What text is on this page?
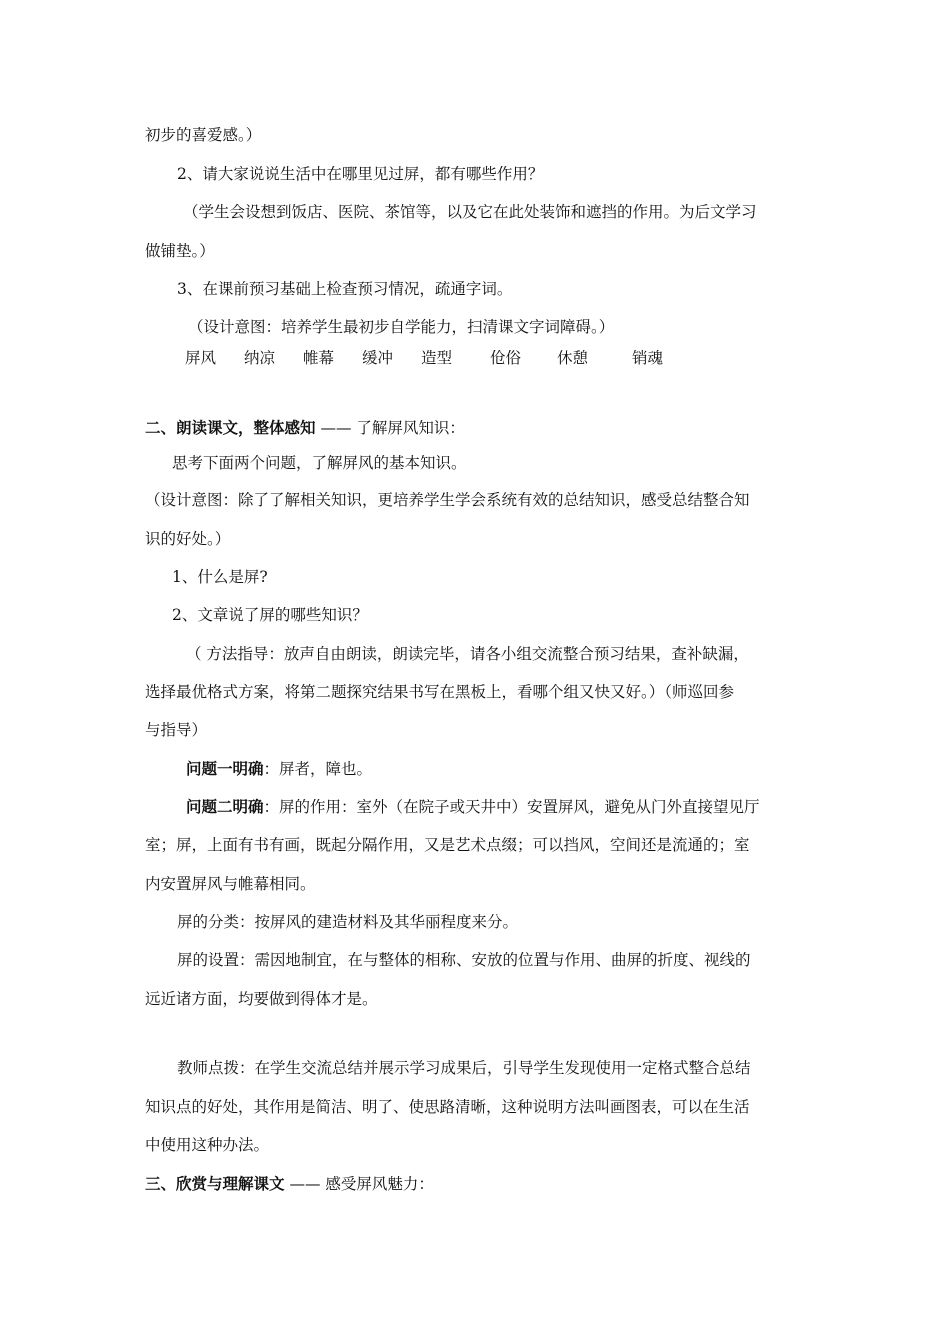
初步的喜爱感。）
2、请大家说说生活中在哪里见过屏，都有哪些作用？
（学生会设想到饭店、医院、茶馆等，以及它在此处装饰和遮挡的作用。为后文学习
做铺垫。）
3、在课前预习基础上检查预习情况，疏通字词。
（设计意图：培养学生最初步自学能力，扫清课文字词障碍。）
屏风 纳凉 帷幕 缓冲 造型 伧俗 休憩	销魂
二、朗读课文，整体感知 —— 了解屏风知识：
思考下面两个问题，了解屏风的基本知识。
（设计意图：除了了解相关知识，更培养学生学会系统有效的总结知识，感受总结整合知
识的好处。）
1、什么是屏?
2、文章说了屏的哪些知识？
（ 方法指导：放声自由朗读，朗读完毕，请各小组交流整合预习结果，查补缺漏，
选择最优格式方案，将第二题探究结果书写在黑板上，看哪个组又快又好。）（师巡回参
与指导）
问题一明确：屏者，障也。
问题二明确：屏的作用：室外（在院子或天井中）安置屏风，避免从门外直接望见厅
室；屏，上面有书有画，既起分隔作用，又是艺术点缀；可以挡风，空间还是流通的；室
内安置屏风与帷幕相同。
屏的分类：按屏风的建造材料及其华丽程度来分。
屏的设置：需因地制宜，在与整体的相称、安放的位置与作用、曲屏的折度、视线的
远近诸方面，均要做到得体才是。
教师点拨：在学生交流总结并展示学习成果后，引导学生发现使用一定格式整合总结
知识点的好处，其作用是简洁、明了、使思路清晰，这种说明方法叫画图表，可以在生活
中使用这种办法。
三、欣赏与理解课文 —— 感受屏风魅力：
